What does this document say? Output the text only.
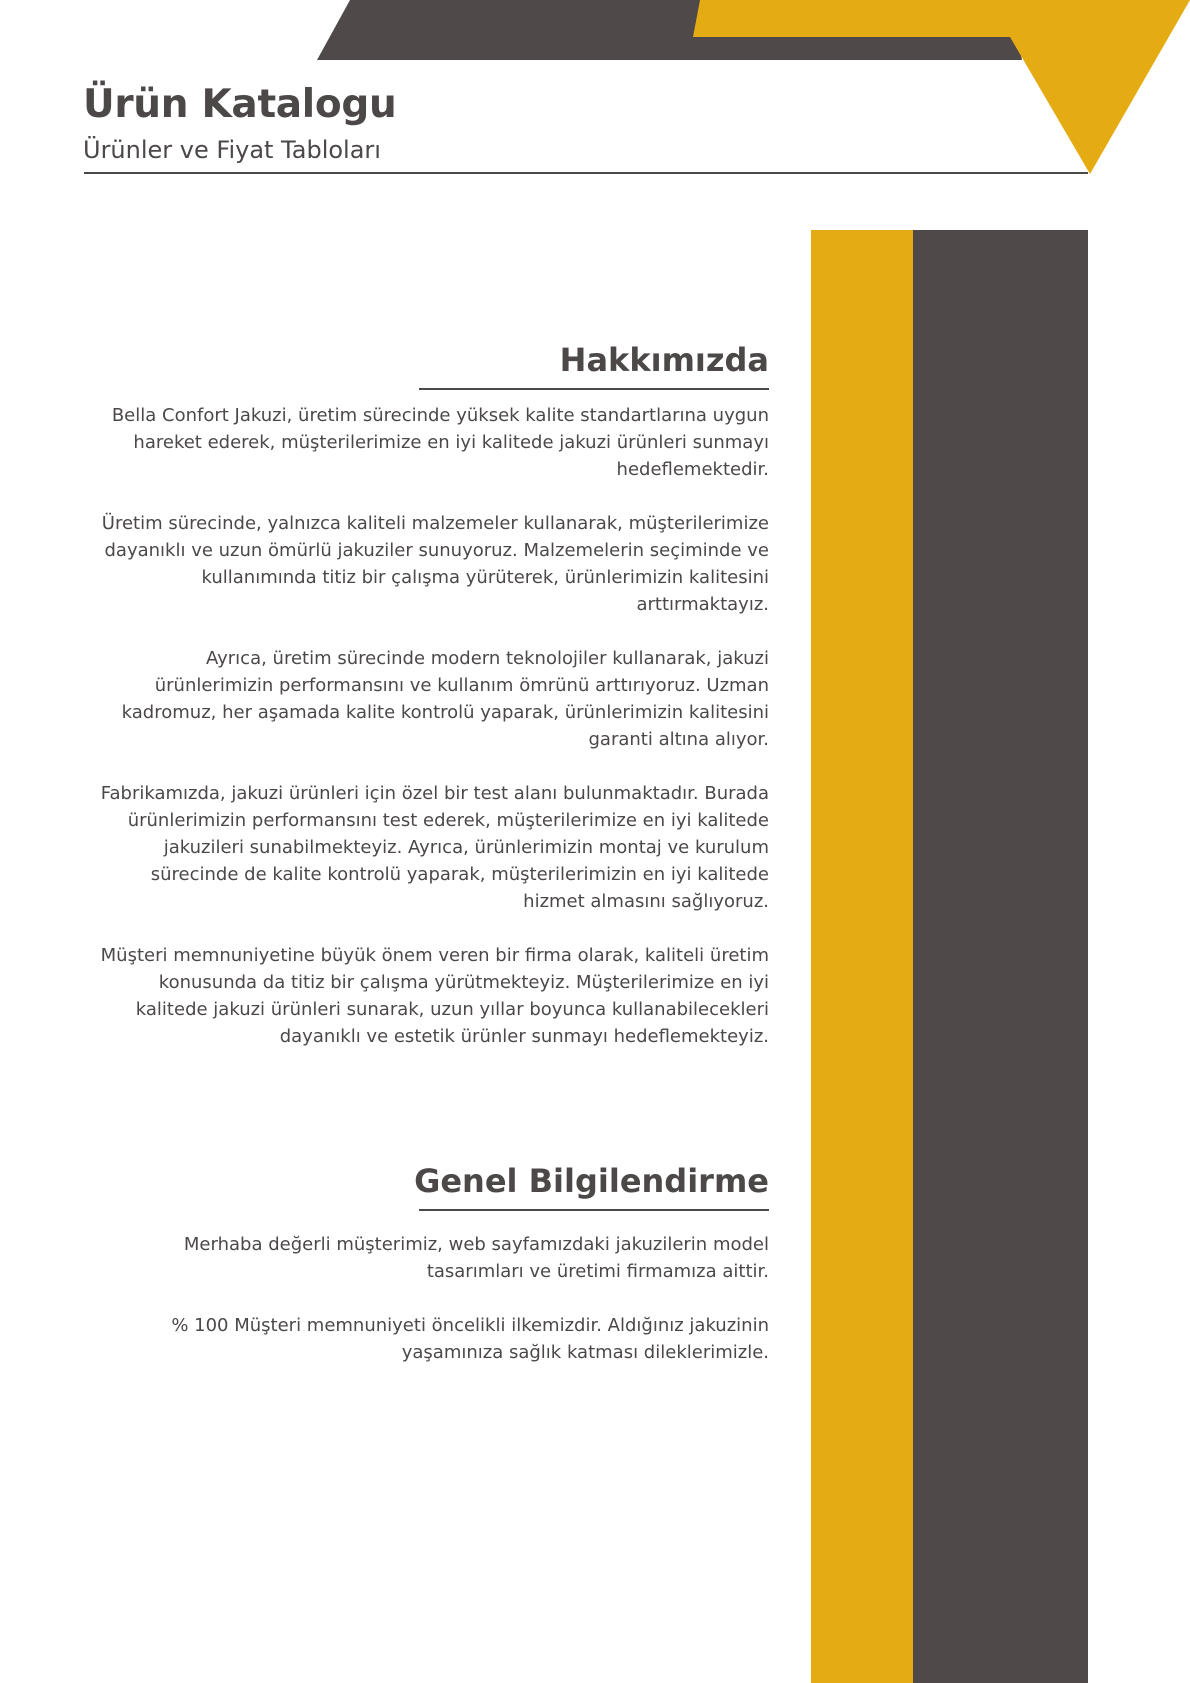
Ürün Katalogu
Ürünler ve Fiyat Tabloları
Hakkımızda

Bella Confort Jakuzi, üretim sürecinde yüksek kalite standartlarına uygun hareket ederek, müşterilerimize en iyi kalitede jakuzi ürünleri sunmayı hedeflemektedir.

Üretim sürecinde, yalnızca kaliteli malzemeler kullanarak, müşterilerimize dayanıklı ve uzun ömürlü jakuziler sunuyoruz. Malzemelerin seçiminde ve kullanımında titiz bir çalışma yürüterek, ürünlerimizin kalitesini arttırmaktayız.

Ayrıca, üretim sürecinde modern teknolojiler kullanarak, jakuzi ürünlerimizin performansını ve kullanım ömrünü arttırıyoruz. Uzman kadromuz, her aşamada kalite kontrolü yaparak, ürünlerimizin kalitesini garanti altına alıyor.

Fabrikamızda, jakuzi ürünleri için özel bir test alanı bulunmaktadır. Burada ürünlerimizin performansını test ederek, müşterilerimize en iyi kalitede jakuzileri sunabilmekteyiz. Ayrıca, ürünlerimizin montaj ve kurulum sürecinde de kalite kontrolü yaparak, müşterilerimizin en iyi kalitede hizmet almasını sağlıyoruz.

Müşteri memnuniyetine büyük önem veren bir firma olarak, kaliteli üretim konusunda da titiz bir çalışma yürütmekteyiz. Müşterilerimize en iyi kalitede jakuzi ürünleri sunarak, uzun yıllar boyunca kullanabilecekleri dayanıklı ve estetik ürünler sunmayı hedeflemekteyiz.

Genel Bilgilendirme

Merhaba değerli müşterimiz, web sayfamızdaki jakuzilerin model tasarımları ve üretimi firmamıza aittir.

% 100 Müşteri memnuniyeti öncelikli ilkemizdir. Aldığınız jakuzinin yaşamınıza sağlık katması dileklerimizle.
